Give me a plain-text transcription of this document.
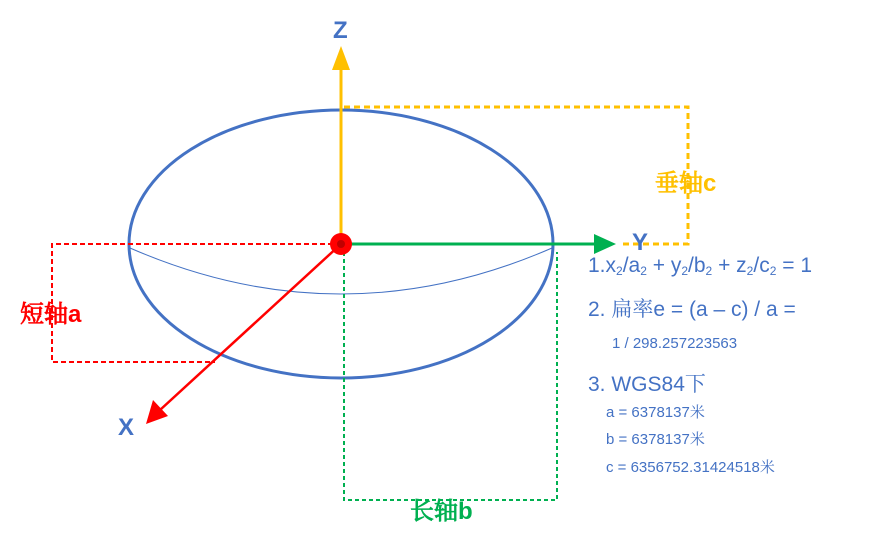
Z
Y
X
短轴a
长轴b
垂轴c
$1.x_2/a_2 + y_2/b_2 + z_2/c_2 = 1$
2. 扁率e = (a – c) / a =
1 / 298.257223563
3. WGS84下
a = 6378137米
b = 6378137米
c = 6356752.31424518米
